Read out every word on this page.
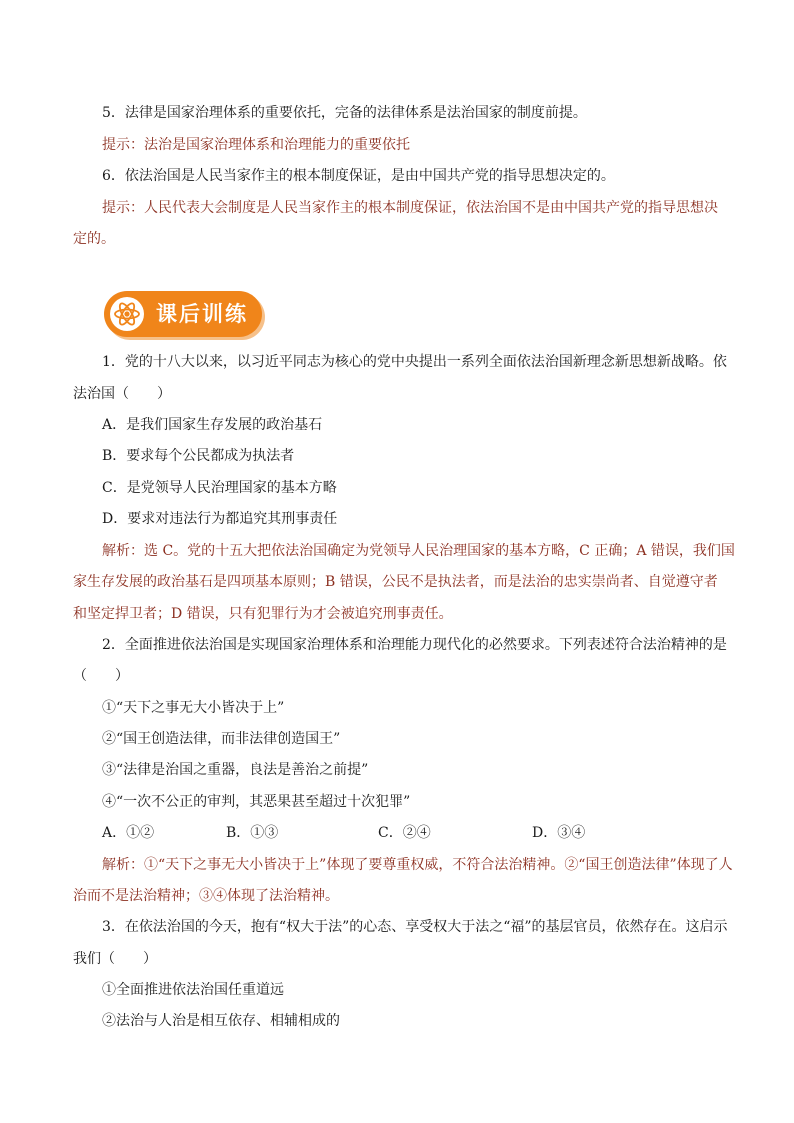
5．法律是国家治理体系的重要依托，完备的法律体系是法治国家的制度前提。
提示：法治是国家治理体系和治理能力的重要依托
6．依法治国是人民当家作主的根本制度保证，是由中国共产党的指导思想决定的。
提示：人民代表大会制度是人民当家作主的根本制度保证，依法治国不是由中国共产党的指导思想决
定的。
课后训练
1．党的十八大以来，以习近平同志为核心的党中央提出一系列全面依法治国新理念新思想新战略。依
法治国（　　）
A．是我们国家生存发展的政治基石
B．要求每个公民都成为执法者
C．是党领导人民治理国家的基本方略
D．要求对违法行为都追究其刑事责任
解析：选 C。党的十五大把依法治国确定为党领导人民治理国家的基本方略，C 正确；A 错误，我们国
家生存发展的政治基石是四项基本原则；B 错误，公民不是执法者，而是法治的忠实崇尚者、自觉遵守者
和坚定捍卫者；D 错误，只有犯罪行为才会被追究刑事责任。
2．全面推进依法治国是实现国家治理体系和治理能力现代化的必然要求。下列表述符合法治精神的是
（　　）
①“天下之事无大小皆决于上”
②“国王创造法律，而非法律创造国王”
③“法律是治国之重器，良法是善治之前提”
④“一次不公正的审判，其恶果甚至超过十次犯罪”
A．①②	B．①③	C．②④	D．③④
解析：①“天下之事无大小皆决于上”体现了要尊重权威，不符合法治精神。②“国王创造法律”体现了人
治而不是法治精神；③④体现了法治精神。
3．在依法治国的今天，抱有“权大于法”的心态、享受权大于法之“福”的基层官员，依然存在。这启示
我们（　　）
①全面推进依法治国任重道远
②法治与人治是相互依存、相辅相成的
